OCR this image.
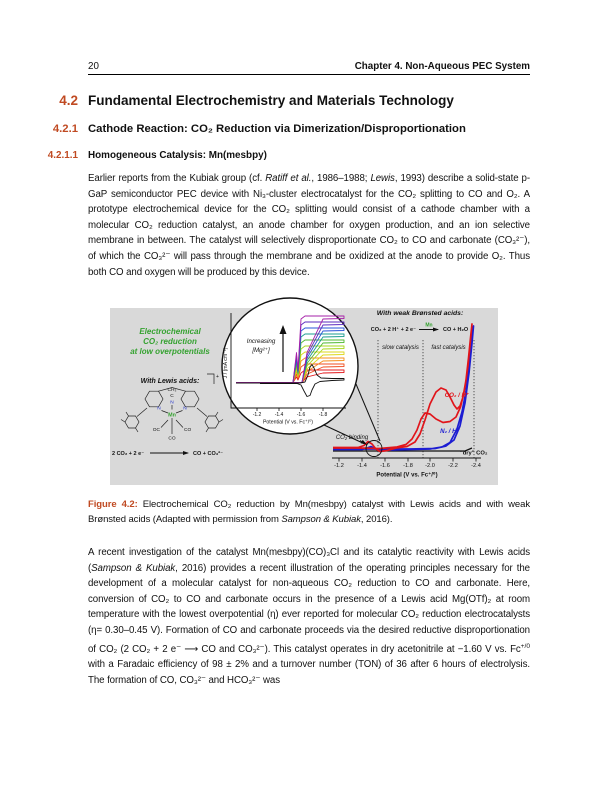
20	Chapter 4. Non-Aqueous PEC System
4.2 Fundamental Electrochemistry and Materials Technology
4.2.1 Cathode Reaction: CO₂ Reduction via Dimerization/Disproportionation
4.2.1.1 Homogeneous Catalysis: Mn(mesbpy)

Earlier reports from the Kubiak group (cf. Ratiff et al., 1986–1988; Lewis, 1993) describe a solid-state p-GaP semiconductor PEC device with Ni₃-cluster electrocatalyst for the CO₂ splitting to CO and O₂. A prototype electrochemical device for the CO₂ splitting would consist of a cathode chamber with a molecular CO₂ reduction catalyst, an anode chamber for oxygen production, and an ion selective membrane in between. The catalyst will selectively disproportionate CO₂ to CO and carbonate (CO₃²⁻), of which the CO₃²⁻ will pass through the membrane and be oxidized at the anode to provide O₂. Thus both CO and oxygen will be produced by this device.

Electrochemical
CO₂ reduction
at low overpotentials
With Lewis acids:
+
CH₃
C
N
N	N
Mn
OC	CO
CO
2 CO₂ + 2 e⁻	CO + CO₃²⁻
-1.2	-1.4	-1.6	-1.8
Potential (V vs. Fc⁺/⁰)
J / (mA cm⁻²)
Increasing
[Mg²⁺]
With weak Brønsted acids:
CO₂ + 2 H⁺ + 2 e⁻
Mn
CO + H₂O
slow catalysis fast catalysis
CO₂ binding
CO₂ / H⁺
N₂ / H⁺
"dry" CO₂
-1.2 -1.4 -1.6 -1.8 -2.0 -2.2 -2.4
Potential (V vs. Fc⁺/⁰)

Figure 4.2: Electrochemical CO₂ reduction by Mn(mesbpy) catalyst with Lewis acids and with weak Brønsted acids (Adapted with permission from Sampson & Kubiak, 2016).

A recent investigation of the catalyst Mn(mesbpy)(CO)₃Cl and its catalytic reactivity with Lewis acids (Sampson & Kubiak, 2016) provides a recent illustration of the operating principles necessary for the development of a molecular catalyst for non-aqueous CO₂ reduction to CO and carbonate. Here, conversion of CO₂ to CO and carbonate occurs in the presence of a Lewis acid Mg(OTf)₂ at room temperature with the lowest overpotential (η) ever reported for molecular CO₂ reduction electrocatalysts (η= 0.30–0.45 V). Formation of CO and carbonate proceeds via the desired reductive disproportionation of CO₂ (2 CO₂ + 2 e⁻ ⟶ CO and CO₃²⁻). This catalyst operates in dry acetonitrile at −1.60 V vs. $Fc^{+/0}$ with a Faradaic efficiency of 98 ± 2% and a turnover number (TON) of 36 after 6 hours of electrolysis. The formation of CO, CO₃²⁻ and HCO₃²⁻ was
